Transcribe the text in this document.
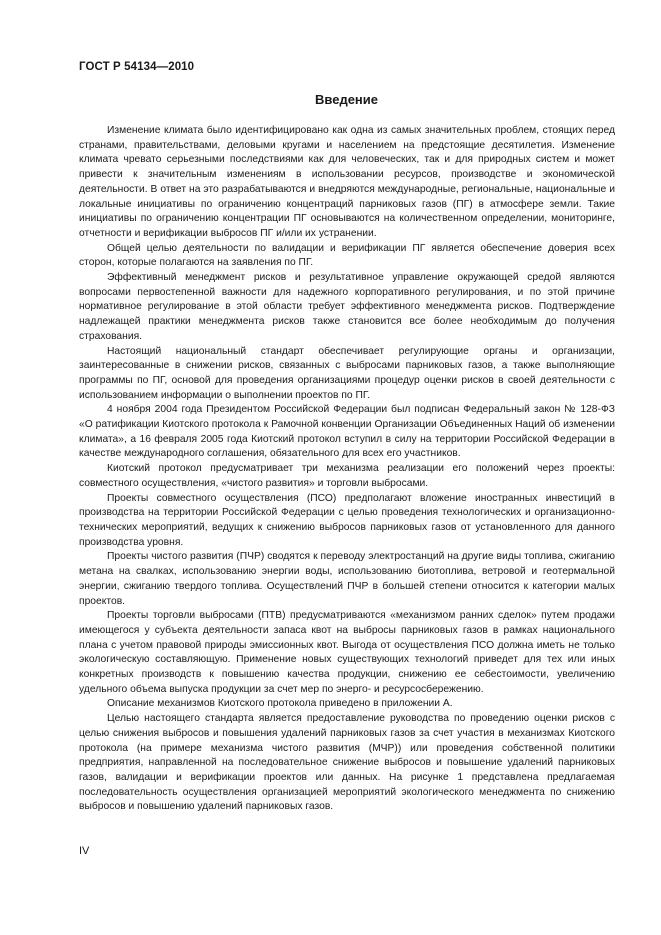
ГОСТ Р 54134—2010
Введение

Изменение климата было идентифицировано как одна из самых значительных проблем, стоящих перед странами, правительствами, деловыми кругами и населением на предстоящие десятилетия. Изменение климата чревато серьезными последствиями как для человеческих, так и для природных систем и может привести к значительным изменениям в использовании ресурсов, производстве и экономической деятельности. В ответ на это разрабатываются и внедряются международные, региональные, национальные и локальные инициативы по ограничению концентраций парниковых газов (ПГ) в атмосфере земли. Такие инициативы по ограничению концентрации ПГ основываются на количественном определении, мониторинге, отчетности и верификации выбросов ПГ и/или их устранении.

Общей целью деятельности по валидации и верификации ПГ является обеспечение доверия всех сторон, которые полагаются на заявления по ПГ.

Эффективный менеджмент рисков и результативное управление окружающей средой являются вопросами первостепенной важности для надежного корпоративного регулирования, и по этой причине нормативное регулирование в этой области требует эффективного менеджмента рисков. Подтверждение надлежащей практики менеджмента рисков также становится все более необходимым до получения страхования.

Настоящий национальный стандарт обеспечивает регулирующие органы и организации, заинтересованные в снижении рисков, связанных с выбросами парниковых газов, а также выполняющие программы по ПГ, основой для проведения организациями процедур оценки рисков в своей деятельности с использованием информации о выполнении проектов по ПГ.

4 ноября 2004 года Президентом Российской Федерации был подписан Федеральный закон № 128-ФЗ «О ратификации Киотского протокола к Рамочной конвенции Организации Объединенных Наций об изменении климата», а 16 февраля 2005 года Киотский протокол вступил в силу на территории Российской Федерации в качестве международного соглашения, обязательного для всех его участников.

Киотский протокол предусматривает три механизма реализации его положений через проекты: совместного осуществления, «чистого развития» и торговли выбросами.

Проекты совместного осуществления (ПСО) предполагают вложение иностранных инвестиций в производства на территории Российской Федерации с целью проведения технологических и организационно-технических мероприятий, ведущих к снижению выбросов парниковых газов от установленного для данного производства уровня.

Проекты чистого развития (ПЧР) сводятся к переводу электростанций на другие виды топлива, сжиганию метана на свалках, использованию энергии воды, использованию биотоплива, ветровой и геотермальной энергии, сжиганию твердого топлива. Осуществлений ПЧР в большей степени относится к категории малых проектов.

Проекты торговли выбросами (ПТВ) предусматриваются «механизмом ранних сделок» путем продажи имеющегося у субъекта деятельности запаса квот на выбросы парниковых газов в рамках национального плана с учетом правовой природы эмиссионных квот. Выгода от осуществления ПСО должна иметь не только экологическую составляющую. Применение новых существующих технологий приведет для тех или иных конкретных производств к повышению качества продукции, снижению ее себестоимости, увеличению удельного объема выпуска продукции за счет мер по энерго- и ресурсосбережению.

Описание механизмов Киотского протокола приведено в приложении А.

Целью настоящего стандарта является предоставление руководства по проведению оценки рисков с целью снижения выбросов и повышения удалений парниковых газов за счет участия в механизмах Киотского протокола (на примере механизма чистого развития (МЧР)) или проведения собственной политики предприятия, направленной на последовательное снижение выбросов и повышение удалений парниковых газов, валидации и верификации проектов или данных. На рисунке 1 представлена предлагаемая последовательность осуществления организацией мероприятий экологического менеджмента по снижению выбросов и повышению удалений парниковых газов.

IV
